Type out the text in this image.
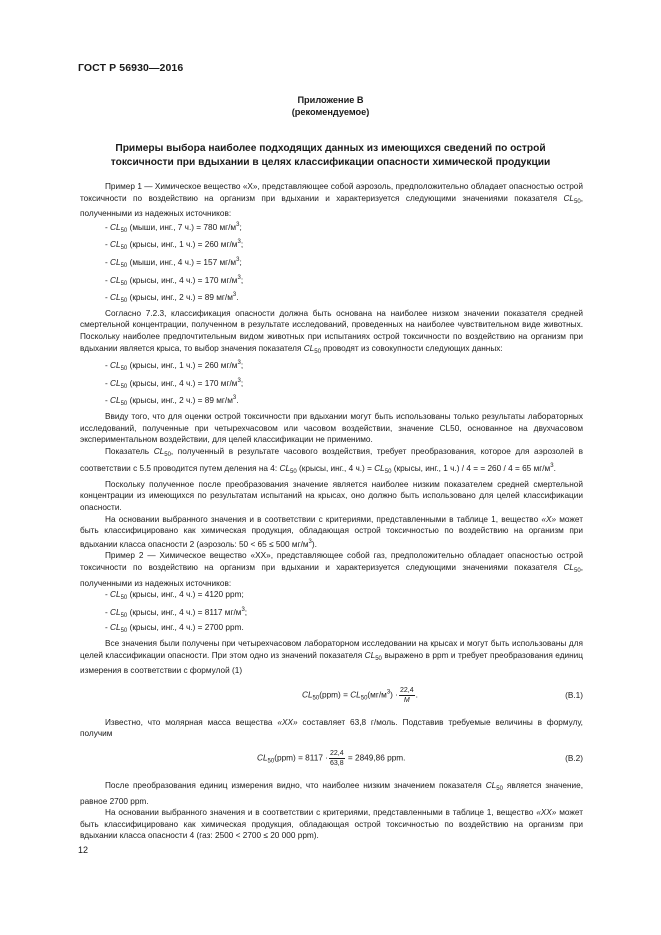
ГОСТ Р 56930—2016
Приложение В
(рекомендуемое)
Примеры выбора наиболее подходящих данных из имеющихся сведений по острой
токсичности при вдыхании в целях классификации опасности химической продукции

Пример 1 — Химическое вещество «X», представляющее собой аэрозоль, предположительно обладает опасностью острой токсичности по воздействию на организм при вдыхании и характеризуется следующими значениями показателя $CL_{50}$, полученными из надежных источников:

- $CL_{50}$ (мыши, инг., 7 ч.) = 780 $мг/м^3$;

- $CL_{50}$ (крысы, инг., 1 ч.) = 260 $мг/м^3$;

- $CL_{50}$ (мыши, инг., 4 ч.) = 157 $мг/м^3$;

- $CL_{50}$ (крысы, инг., 4 ч.) = 170 $мг/м^3$;

- $CL_{50}$ (крысы, инг., 2 ч.) = 89 $мг/м^3$.

Согласно 7.2.3, классификация опасности должна быть основана на наиболее низком значении показателя средней смертельной концентрации, полученном в результате исследований, проведенных на наиболее чувствительном виде животных. Поскольку наиболее предпочтительным видом животных при испытаниях острой токсичности по воздействию на организм при вдыхании является крыса, то выбор значения показателя $CL_{50}$ проводят из совокупности следующих данных:

- $CL_{50}$ (крысы, инг., 1 ч.) = 260 $мг/м^3$;

- $CL_{50}$ (крысы, инг., 4 ч.) = 170 $мг/м^3$;

- $CL_{50}$ (крысы, инг., 2 ч.) = 89 $мг/м^3$.

Ввиду того, что для оценки острой токсичности при вдыхании могут быть использованы только результаты лабораторных исследований, полученные при четырехчасовом или часовом воздействии, значение CL50, основанное на двухчасовом экспериментальном воздействии, для целей классификации не применимо.

Показатель $CL_{50}$, полученный в результате часового воздействия, требует преобразования, которое для аэрозолей в соответствии с 5.5 проводится путем деления на 4: $CL_{50}$ (крысы, инг., 4 $ч.) = CL_{50}$ (крысы, инг., 1 ч.) / 4 = = 260 / 4 = 65 $мг/м^3$.

Поскольку полученное после преобразования значение является наиболее низким показателем средней смертельной концентрации из имеющихся по результатам испытаний на крысах, оно должно быть использовано для целей классификации опасности.

На основании выбранного значения и в соответствии с критериями, представленными в таблице 1, вещество «X» может быть классифицировано как химическая продукция, обладающая острой токсичностью по воздействию на организм при вдыхании класса опасности 2 (аэрозоль: 50 < 65 ≤ 500 $мг/м^3$).

Пример 2 — Химическое вещество «XX», представляющее собой газ, предположительно обладает опасностью острой токсичности по воздействию на организм при вдыхании и характеризуется следующими значениями показателя $CL_{50}$, полученными из надежных источников:

- $CL_{50}$ (крысы, инг., 4 ч.) = 4120 ppm;

- $CL_{50}$ (крысы, инг., 4 ч.) = 8117 $мг/м^3$;

- $CL_{50}$ (крысы, инг., 4 ч.) = 2700 ppm.

Все значения были получены при четырехчасовом лабораторном исследовании на крысах и могут быть использованы для целей классификации опасности. При этом одно из значений показателя $CL_{50}$ выражено в ppm и требует преобразования единиц измерения в соответствии с формулой (1)

$CL_{50}(ppm) = CL_{50}(мг/м^3) \cdot \frac{22,4}{M}$ .	(В.1)

Известно, что молярная масса вещества «XX» составляет 63,8 г/моль. Подставив требуемые величины в формулу, получим

$CL_{50}(ppm) = 8117 \cdot \frac{22,4}{63,8} = 2849,86$ ppm.	(В.2)

После преобразования единиц измерения видно, что наиболее низким значением показателя $CL_{50}$ является значение, равное 2700 ppm.

На основании выбранного значения и в соответствии с критериями, представленными в таблице 1, вещество «XX» может быть классифицировано как химическая продукция, обладающая острой токсичностью по воздействию на организм при вдыхании класса опасности 4 (газ: 2500 < 2700 ≤ 20 000 ppm).

12
